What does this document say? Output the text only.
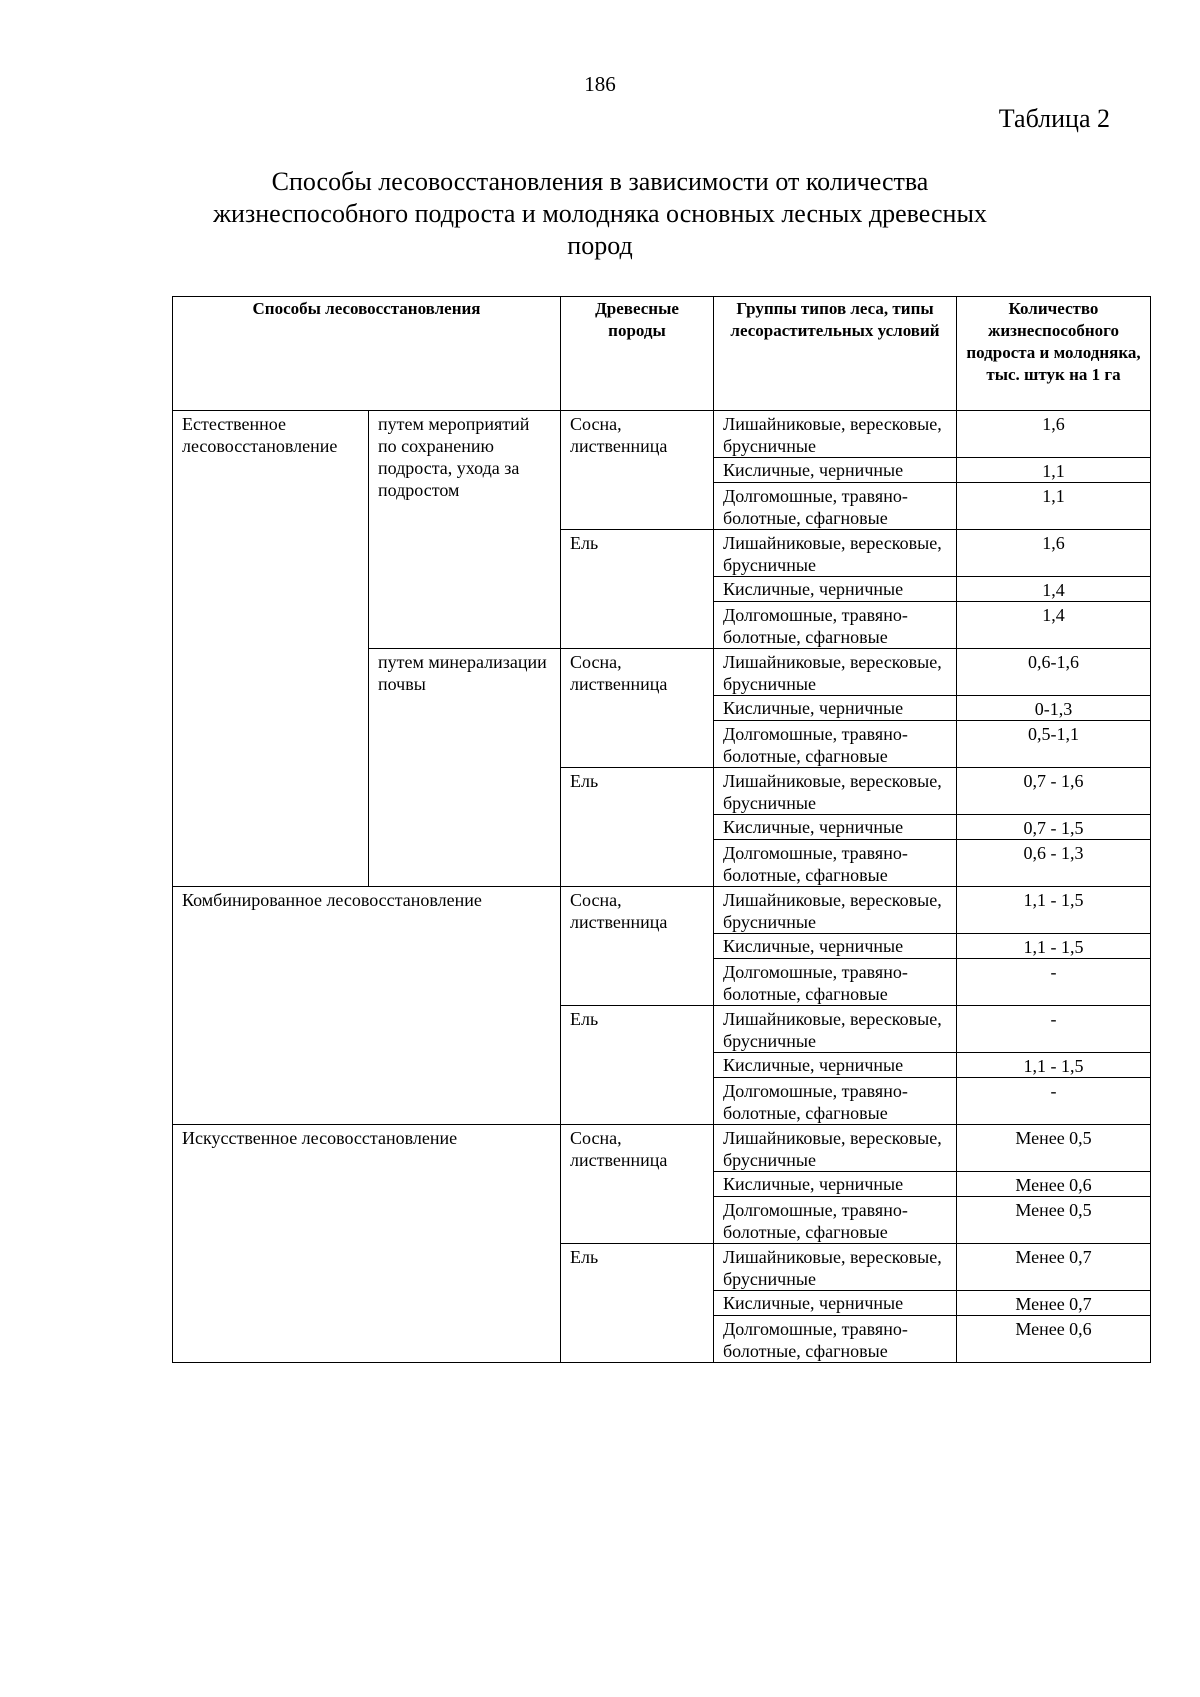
186
Таблица 2
Способы лесовосстановления в зависимости от количества жизнеспособного подроста и молодняка основных лесных древесных пород
Способы лесовосстановления		Древесные породы	Группы типов леса, типы лесорастительных условий	Количество жизнеспособного подроста и молодняка, тыс. штук на 1 га
Естественное лесовосстановление	путем мероприятий по сохранению подроста, ухода за подростом	Сосна, лиственница	Лишайниковые, вересковые, брусничные	1,6
			Кисличные, черничные	1,1
			Долгомошные, травяно-болотные, сфагновые	1,1
		Ель	Лишайниковые, вересковые, брусничные	1,6
			Кисличные, черничные	1,4
			Долгомошные, травяно-болотные, сфагновые	1,4
	путем минерализации почвы	Сосна, лиственница	Лишайниковые, вересковые, брусничные	0,6-1,6
			Кисличные, черничные	0-1,3
			Долгомошные, травяно-болотные, сфагновые	0,5-1,1
		Ель	Лишайниковые, вересковые, брусничные	0,7 - 1,6
			Кисличные, черничные	0,7 - 1,5
			Долгомошные, травяно-болотные, сфагновые	0,6 - 1,3
Комбинированное лесовосстановление		Сосна, лиственница	Лишайниковые, вересковые, брусничные	1,1 - 1,5
			Кисличные, черничные	1,1 - 1,5
			Долгомошные, травяно-болотные, сфагновые	-
		Ель	Лишайниковые, вересковые, брусничные	-
			Кисличные, черничные	1,1 - 1,5
			Долгомошные, травяно-болотные, сфагновые	-
Искусственное лесовосстановление		Сосна, лиственница	Лишайниковые, вересковые, брусничные	Менее 0,5
			Кисличные, черничные	Менее 0,6
			Долгомошные, травяно-болотные, сфагновые	Менее 0,5
		Ель	Лишайниковые, вересковые, брусничные	Менее 0,7
			Кисличные, черничные	Менее 0,7
			Долгомошные, травяно-болотные, сфагновые	Менее 0,6
